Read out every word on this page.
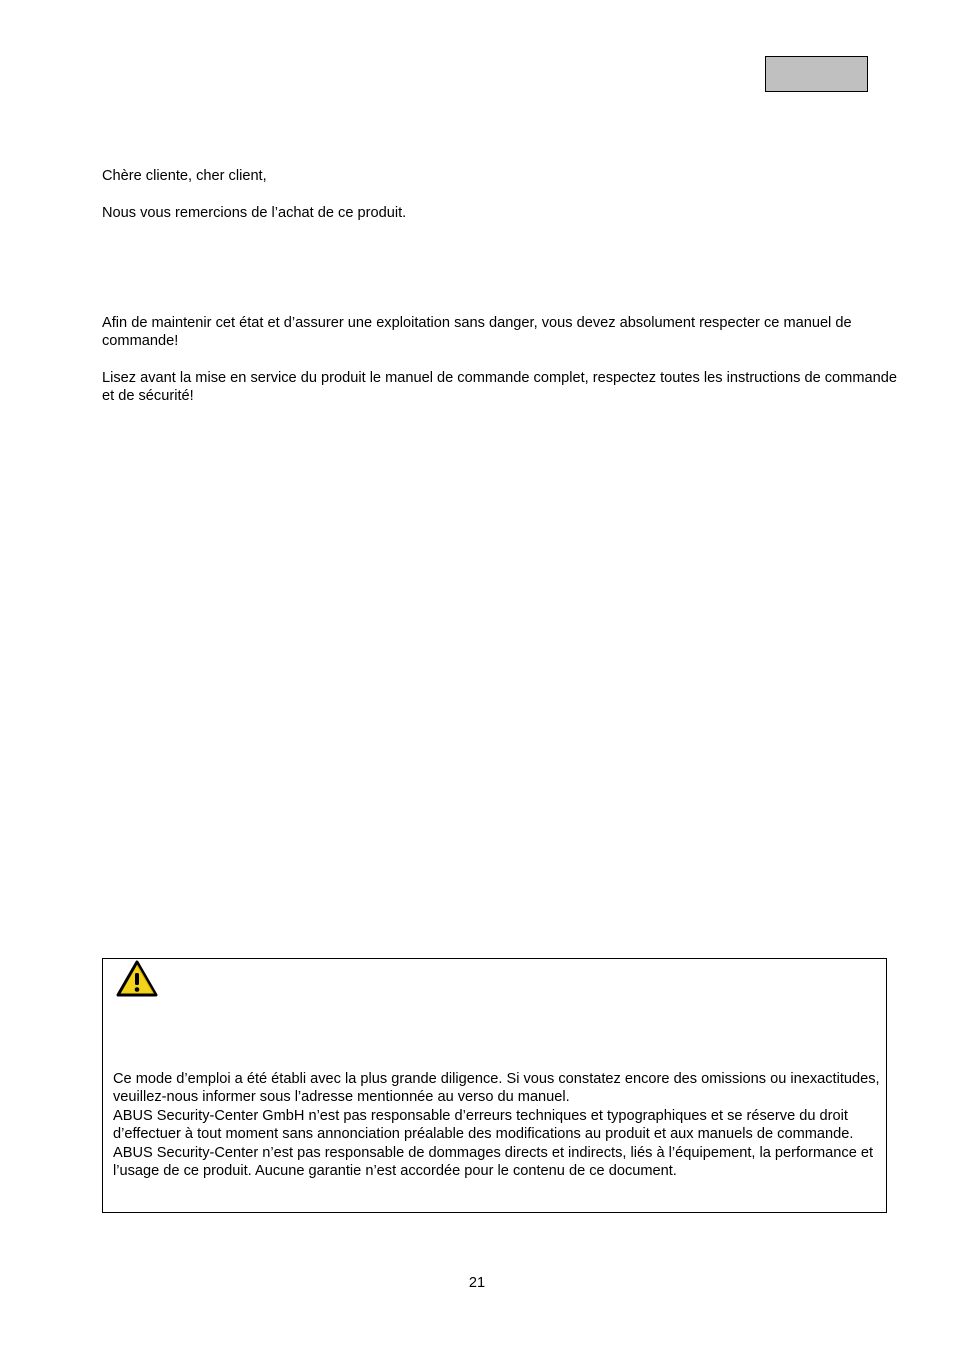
Chère cliente, cher client,

Nous vous remercions de l’achat de ce produit.

Afin de maintenir cet état et d’assurer une exploitation sans danger, vous devez absolument respecter ce manuel de commande!

Lisez avant la mise en service du produit le manuel de commande complet, respectez toutes les instructions de commande et de sécurité!

Ce mode d’emploi a été établi avec la plus grande diligence. Si vous constatez encore des omissions ou inexactitudes, veuillez-nous informer sous l’adresse mentionnée au verso du manuel.

ABUS Security-Center GmbH n’est pas responsable d’erreurs techniques et typographiques et se réserve du droit d’effectuer à tout moment sans annonciation préalable des modifications au produit et aux manuels de commande.

ABUS Security-Center n’est pas responsable de dommages directs et indirects, liés à l’équipement, la performance et l’usage de ce produit. Aucune garantie n’est accordée pour le contenu de ce document.

21
